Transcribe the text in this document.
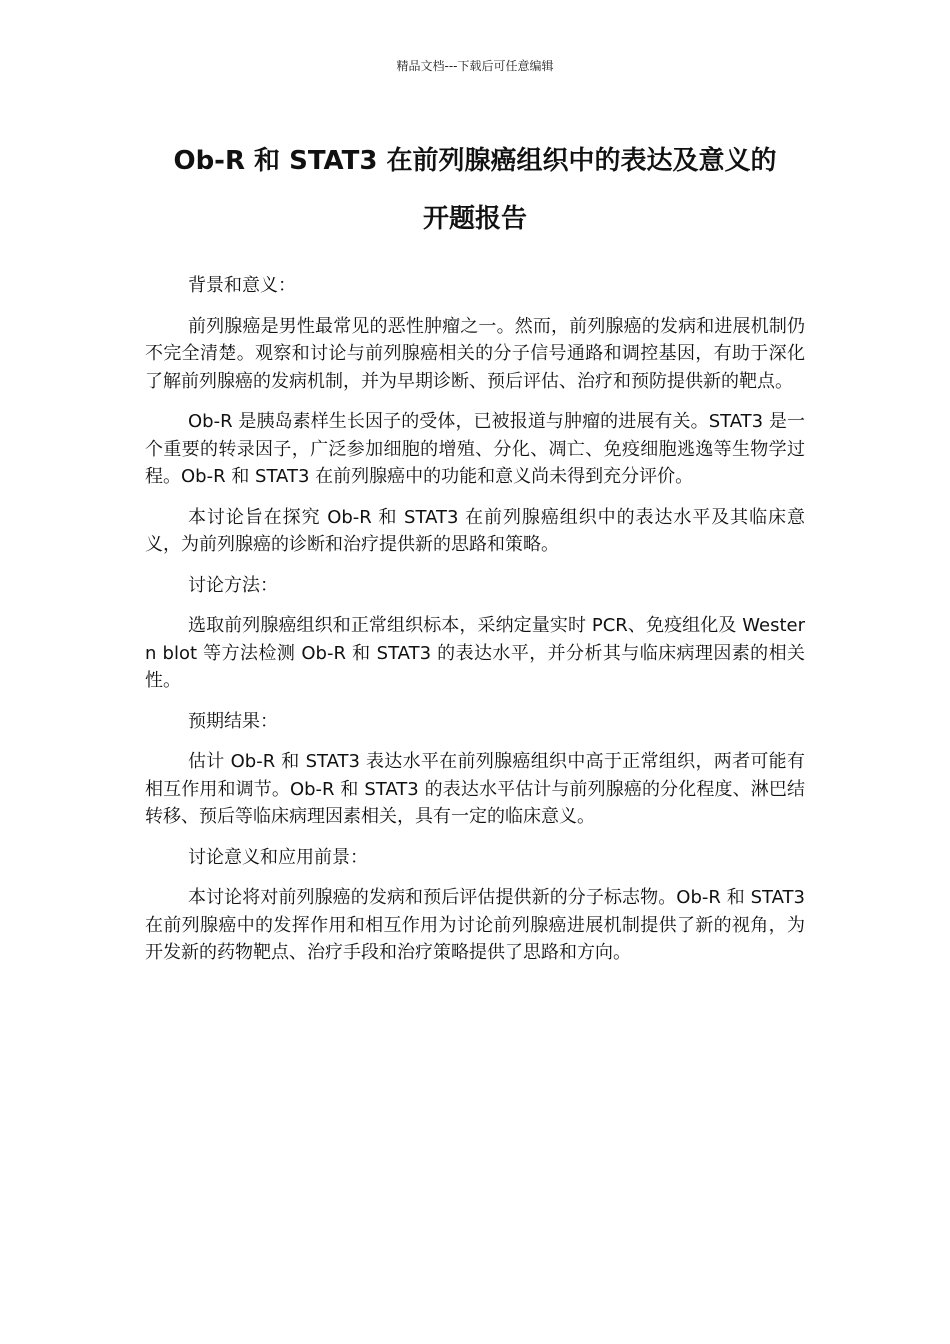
精品文档---下载后可任意编辑
Ob-R 和 STAT3 在前列腺癌组织中的表达及意义的
开题报告

背景和意义：

前列腺癌是男性最常见的恶性肿瘤之一。然而，前列腺癌的发病和进展机制仍不完全清楚。观察和讨论与前列腺癌相关的分子信号通路和调控基因，有助于深化了解前列腺癌的发病机制，并为早期诊断、预后评估、治疗和预防提供新的靶点。

Ob-R 是胰岛素样生长因子的受体，已被报道与肿瘤的进展有关。STAT3 是一个重要的转录因子，广泛参加细胞的增殖、分化、凋亡、免疫细胞逃逸等生物学过程。Ob-R 和 STAT3 在前列腺癌中的功能和意义尚未得到充分评价。

本讨论旨在探究 Ob-R 和 STAT3 在前列腺癌组织中的表达水平及其临床意义，为前列腺癌的诊断和治疗提供新的思路和策略。

讨论方法：

选取前列腺癌组织和正常组织标本，采纳定量实时 PCR、免疫组化及 Western blot 等方法检测 Ob-R 和 STAT3 的表达水平，并分析其与临床病理因素的相关性。

预期结果：

估计 Ob-R 和 STAT3 表达水平在前列腺癌组织中高于正常组织，两者可能有相互作用和调节。Ob-R 和 STAT3 的表达水平估计与前列腺癌的分化程度、淋巴结转移、预后等临床病理因素相关，具有一定的临床意义。

讨论意义和应用前景：

本讨论将对前列腺癌的发病和预后评估提供新的分子标志物。Ob-R 和 STAT3 在前列腺癌中的发挥作用和相互作用为讨论前列腺癌进展机制提供了新的视角，为开发新的药物靶点、治疗手段和治疗策略提供了思路和方向。
